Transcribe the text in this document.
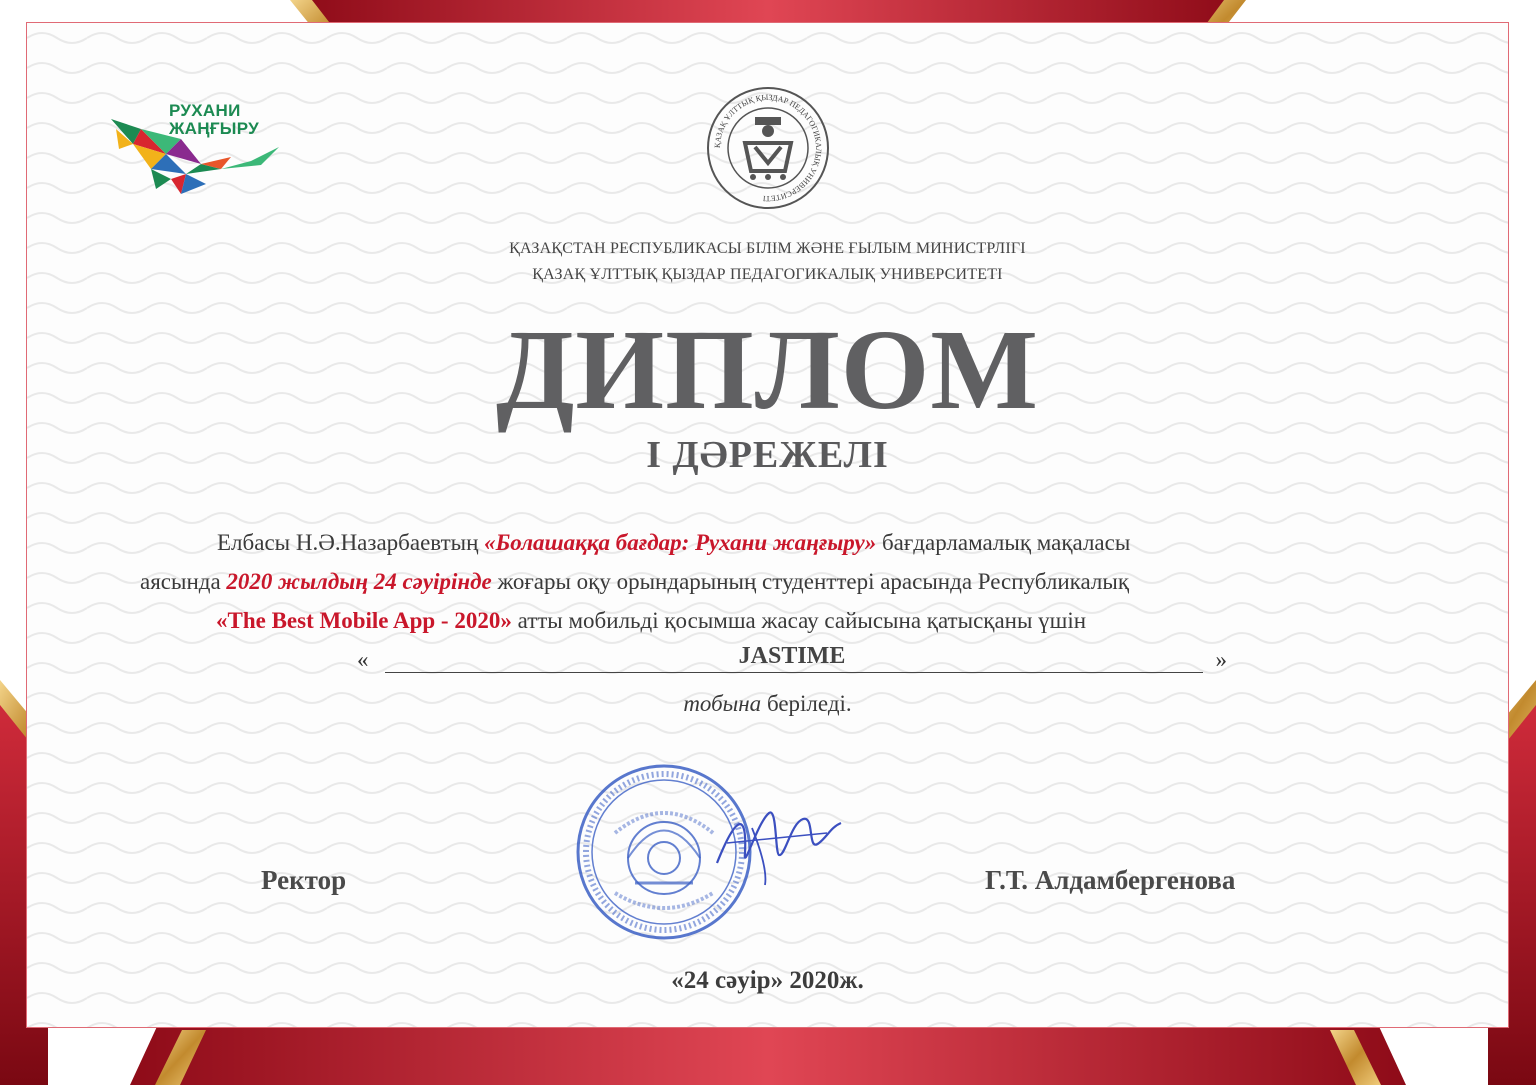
РУХАНИ
ЖАҢҒЫРУ
ҚАЗАҚ ҰЛТТЫҚ ҚЫЗДАР ПЕДАГОГИКАЛЫҚ УНИВЕРСИТЕТІ
ҚАЗАҚСТАН РЕСПУБЛИКАСЫ БІЛІМ ЖӘНЕ ҒЫЛЫМ МИНИСТРЛІГІ
ҚАЗАҚ ҰЛТТЫҚ ҚЫЗДАР ПЕДАГОГИКАЛЫҚ УНИВЕРСИТЕТІ
ДИПЛОМ
І ДӘРЕЖЕЛІ
Елбасы Н.Ә.Назарбаевтың «Болашаққа бағдар: Рухани жаңғыру» бағдарламалық мақаласы
аясында 2020 жылдың 24 сәуірінде жоғары оқу орындарының студенттері арасында Республикалық
«The Best Mobile App - 2020» атты мобильді қосымша жасау сайысына қатысқаны үшін
«	JASTIME	»
тобына беріледі.
Ректор	Г.Т. Алдамбергенова
«24 сәуір» 2020ж.
